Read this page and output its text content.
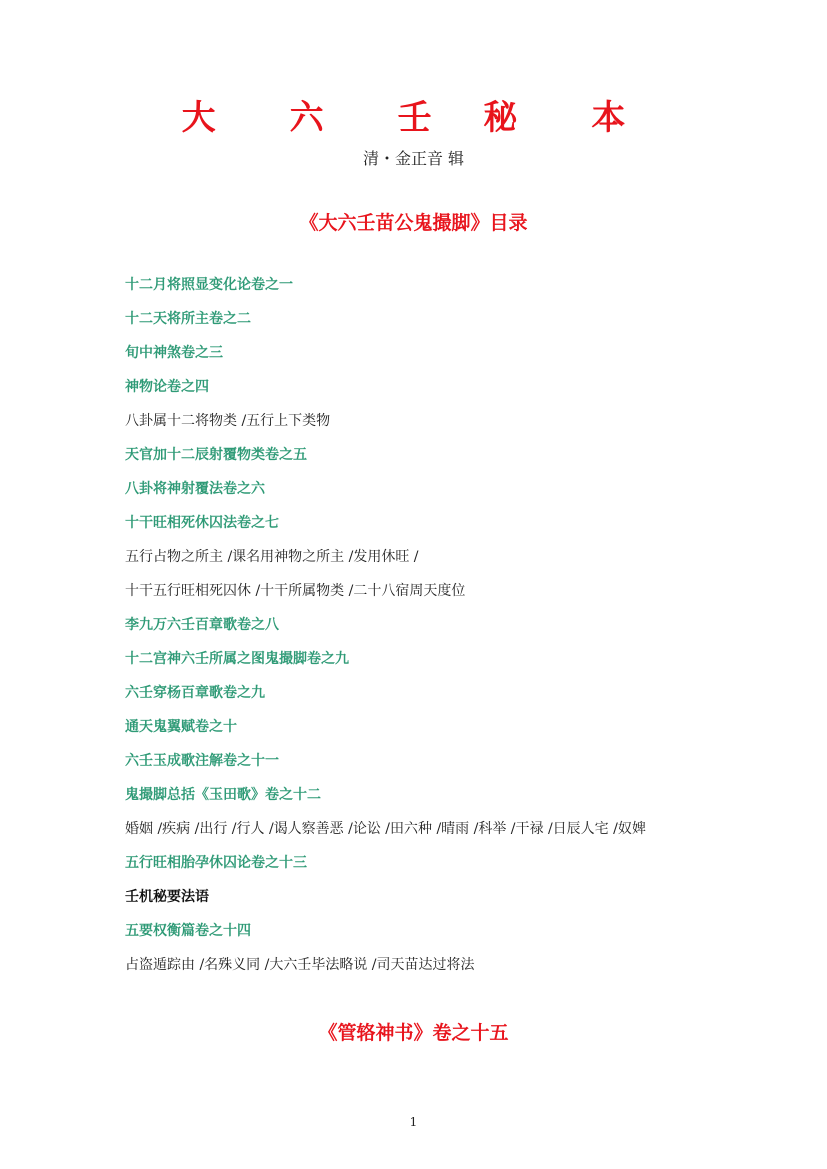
大　六　壬 秘　本
清・金正音 辑
《大六壬苗公鬼撮脚》目录
十二月将照显变化论卷之一
十二天将所主卷之二
旬中神煞卷之三
神物论卷之四
八卦属十二将物类 /五行上下类物
天官加十二辰射覆物类卷之五
八卦将神射覆法卷之六
十干旺相死休囚法卷之七
五行占物之所主 /课名用神物之所主 /发用休旺 /
十干五行旺相死囚休 /十干所属物类 /二十八宿周天度位
李九万六壬百章歌卷之八
十二宫神六壬所属之图鬼撮脚卷之九
六壬穿杨百章歌卷之九
通天鬼翼赋卷之十
六壬玉成歌注解卷之十一
鬼撮脚总括《玉田歌》卷之十二
婚姻 /疾病 /出行 /行人 /谒人察善恶 /论讼 /田六种 /晴雨 /科举 /干禄 /日辰人宅 /奴婢
五行旺相胎孕休囚论卷之十三
壬机秘要法语
五要权衡篇卷之十四
占盗遁踪由 /名殊义同 /大六壬毕法略说 /司天苗达过将法
《管辂神书》卷之十五
1
